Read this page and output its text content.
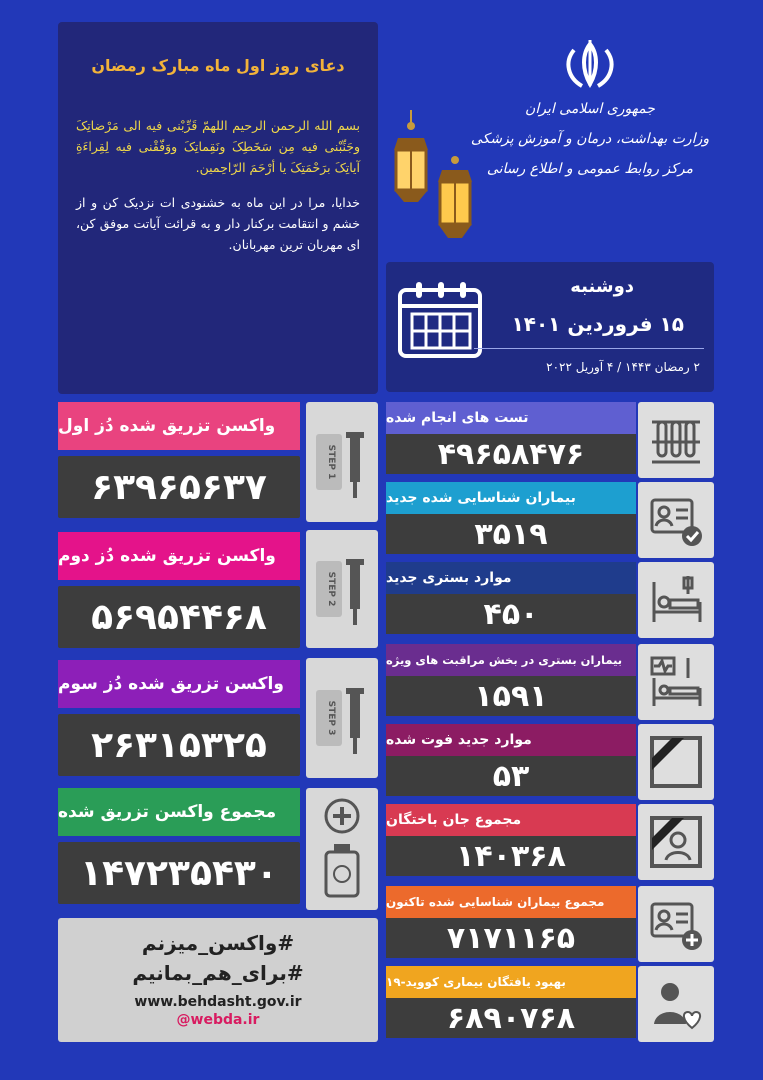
دعای روز اول ماه مبارک رمضان
بسم الله الرحمن الرحیم اللهمّ قَرِّبْنی فیه الی مَرْضاتِکَ وجَنِّبْنی فیه مِن سَخَطِکَ ونَقِماتِکَ ووَفّقْنی فیه لِقِراءَةِ آیاتِکَ برَحْمَتِکَ یا أرْحَمَ الرّاحِمین.
خدایا، مرا در این ماه به خشنودی ات نزدیک کن و از خشم و انتقامت برکنار دار و به قرائت آیاتت موفق کن، ای مهربان ترین مهربانان.
جمهوری اسلامی ایران
وزارت بهداشت، درمان و آموزش پزشکی
مرکز روابط عمومی و اطلاع رسانی
دوشنبه
۱۵ فروردین ۱۴۰۱
۲ رمضان ۱۴۴۳ / ۴ آوریل ۲۰۲۲
واکسن تزریق شده دُز اول
۶۳۹۶۵۶۳۷
واکسن تزریق شده دُز دوم
۵۶۹۵۴۴۶۸
واکسن تزریق شده دُز سوم
۲۶۳۱۵۳۲۵
مجموع واکسن تزریق شده
۱۴۷۲۳۵۴۳۰
STEP 1
STEP 2
STEP 3
تست های انجام شده
۴۹۶۵۸۴۷۶
بیماران شناسایی شده جدید
۳۵۱۹
موارد بستری جدید
۴۵۰
بیماران بستری در بخش مراقبت های ویژه
۱۵۹۱
موارد جدید فوت شده
۵۳
مجموع جان باختگان
۱۴۰۳۶۸
مجموع بیماران شناسایی شده تاکنون
۷۱۷۱۱۶۵
بهبود یافتگان بیماری کووید-۱۹
۶۸۹۰۷۶۸
#واکسن_میزنم
#برای_هم_بمانیم
www.behdasht.gov.ir
@webda.ir
